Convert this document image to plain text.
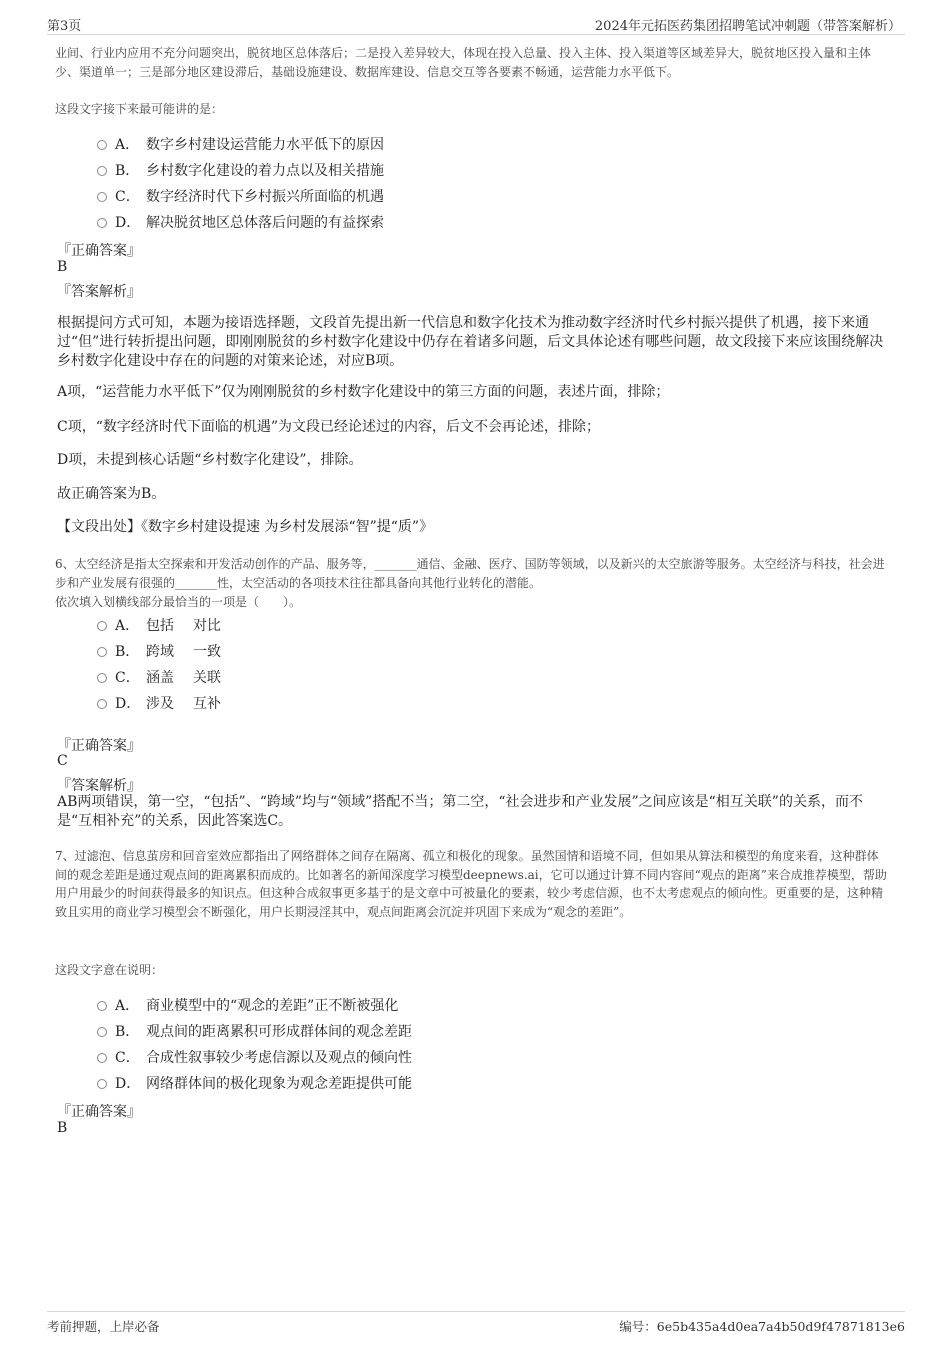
第3页	2024年元拓医药集团招聘笔试冲刺题（带答案解析）

业间、行业内应用不充分问题突出，脱贫地区总体落后；二是投入差异较大，体现在投入总量、投入主体、投入渠道等区域差异大，脱贫地区投入量和主体少、渠道单一；三是部分地区建设滞后，基础设施建设、数据库建设、信息交互等各要素不畅通，运营能力水平低下。

这段文字接下来最可能讲的是：

A． 数字乡村建设运营能力水平低下的原因
B． 乡村数字化建设的着力点以及相关措施
C． 数字经济时代下乡村振兴所面临的机遇
D． 解决脱贫地区总体落后问题的有益探索
『正确答案』
B
『答案解析』

根据提问方式可知，本题为接语选择题，文段首先提出新一代信息和数字化技术为推动数字经济时代乡村振兴提供了机遇，接下来通过“但”进行转折提出问题，即刚刚脱贫的乡村数字化建设中仍存在着诸多问题，后文具体论述有哪些问题，故文段接下来应该围绕解决乡村数字化建设中存在的问题的对策来论述，对应B项。

A项，“运营能力水平低下”仅为刚刚脱贫的乡村数字化建设中的第三方面的问题，表述片面，排除；

C项，“数字经济时代下面临的机遇”为文段已经论述过的内容，后文不会再论述，排除；

D项，未提到核心话题“乡村数字化建设”，排除。

故正确答案为B。

【文段出处】《数字乡村建设提速 为乡村发展添“智”提“质”》

6、太空经济是指太空探索和开发活动创作的产品、服务等，_______通信、金融、医疗、国防等领域，以及新兴的太空旅游等服务。太空经济与科技，社会进步和产业发展有很强的_______性，太空活动的各项技术往往都具备向其他行业转化的潜能。

依次填入划横线部分最恰当的一项是（　　）。

A． 包括 对比
B． 跨域 一致
C． 涵盖 关联
D． 涉及 互补
『正确答案』
C
『答案解析』

AB两项错误，第一空，“包括”、“跨域”均与“领域”搭配不当；第二空，“社会进步和产业发展”之间应该是“相互关联”的关系，而不是“互相补充”的关系，因此答案选C。

7、过滤泡、信息茧房和回音室效应都指出了网络群体之间存在隔离、孤立和极化的现象。虽然国情和语境不同，但如果从算法和模型的角度来看，这种群体间的观念差距是通过观点间的距离累积而成的。比如著名的新闻深度学习模型deepnews.ai，它可以通过计算不同内容间“观点的距离”来合成推荐模型，帮助用户用最少的时间获得最多的知识点。但这种合成叙事更多基于的是文章中可被量化的要素，较少考虑信源，也不太考虑观点的倾向性。更重要的是，这种精致且实用的商业学习模型会不断强化，用户长期浸淫其中，观点间距离会沉淀并巩固下来成为“观念的差距”。

这段文字意在说明：

A． 商业模型中的“观念的差距”正不断被强化
B． 观点间的距离累积可形成群体间的观念差距
C． 合成性叙事较少考虑信源以及观点的倾向性
D． 网络群体间的极化现象为观念差距提供可能
『正确答案』
B
考前押题，上岸必备	编号：6e5b435a4d0ea7a4b50d9f47871813e6
